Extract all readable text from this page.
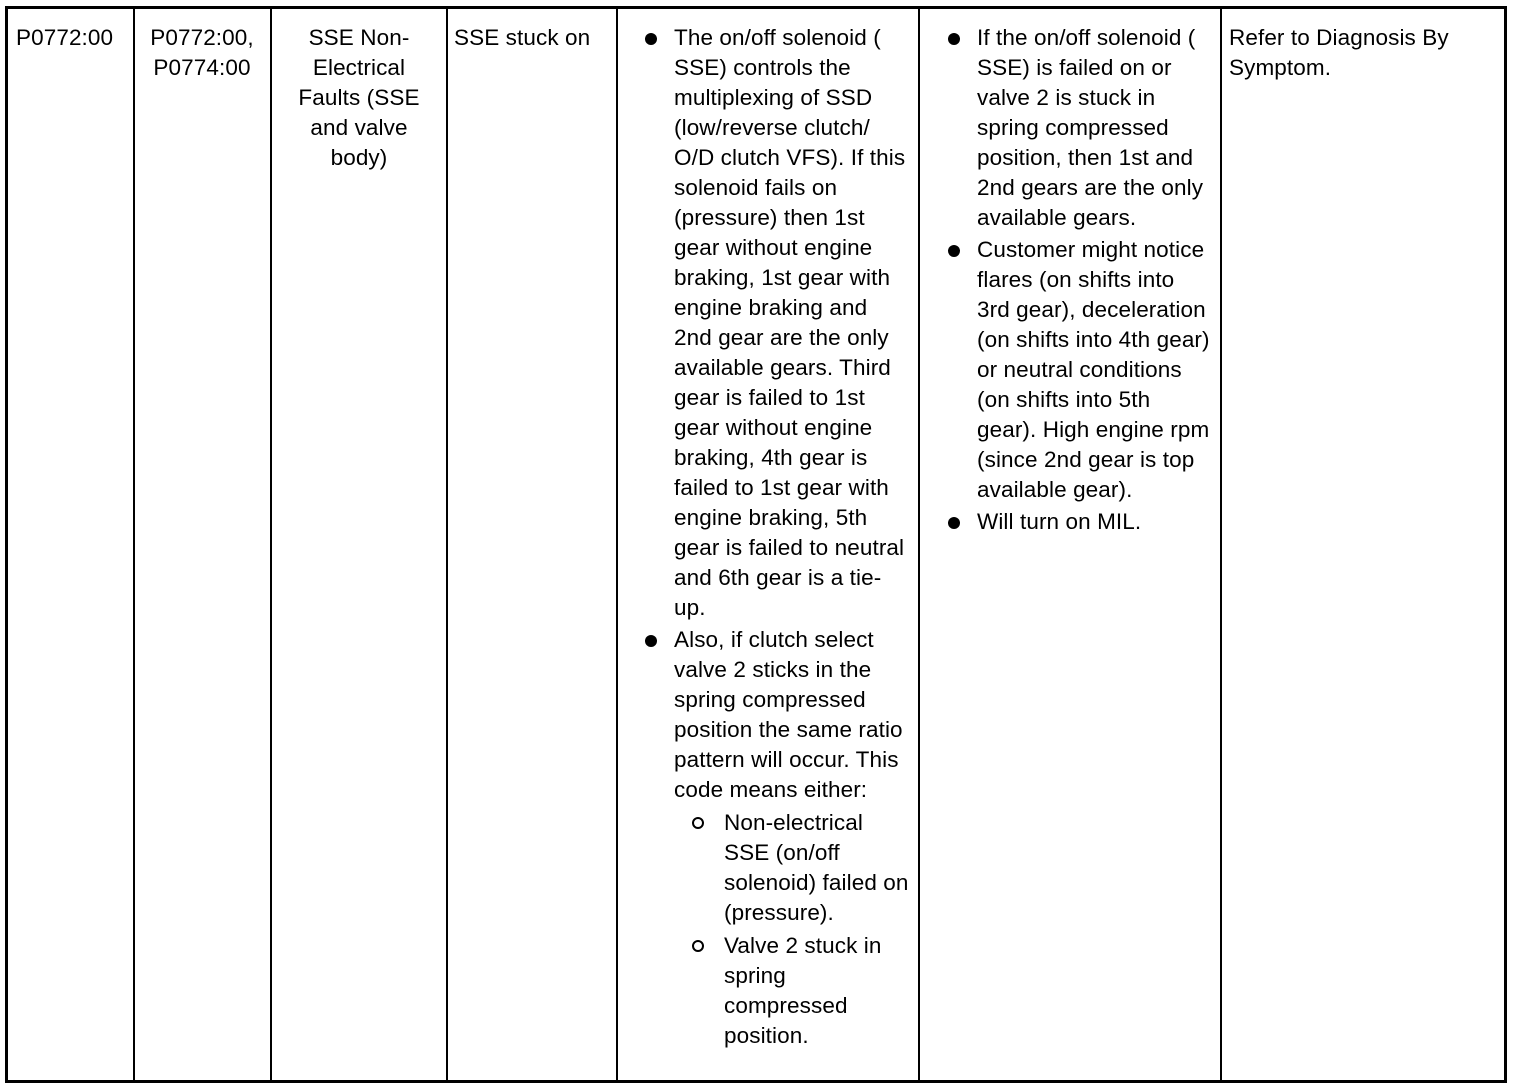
P0772:00	P0772:00, P0774:00
SSE Non-Electrical Faults (SSE and valve body)
SSE stuck on	The on/off solenoid ( SSE) controls the multiplexing of SSD (low/reverse clutch/ O/D clutch VFS). If this solenoid fails on (pressure) then 1st gear without engine braking, 1st gear with engine braking and 2nd gear are the only available gears. Third gear is failed to 1st gear without engine braking, 4th gear is failed to 1st gear with engine braking, 5th gear is failed to neutral and 6th gear is a tie-up.
Also, if clutch select valve 2 sticks in the spring compressed position the same ratio pattern will occur. This code means either:
Non-electrical SSE (on/off solenoid) failed on (pressure).
Valve 2 stuck in spring compressed position.
If the on/off solenoid ( SSE) is failed on or valve 2 is stuck in spring compressed position, then 1st and 2nd gears are the only available gears.
Customer might notice flares (on shifts into 3rd gear), deceleration (on shifts into 4th gear) or neutral conditions (on shifts into 5th gear). High engine rpm (since 2nd gear is top available gear).
Will turn on MIL.
Refer to Diagnosis By Symptom.
